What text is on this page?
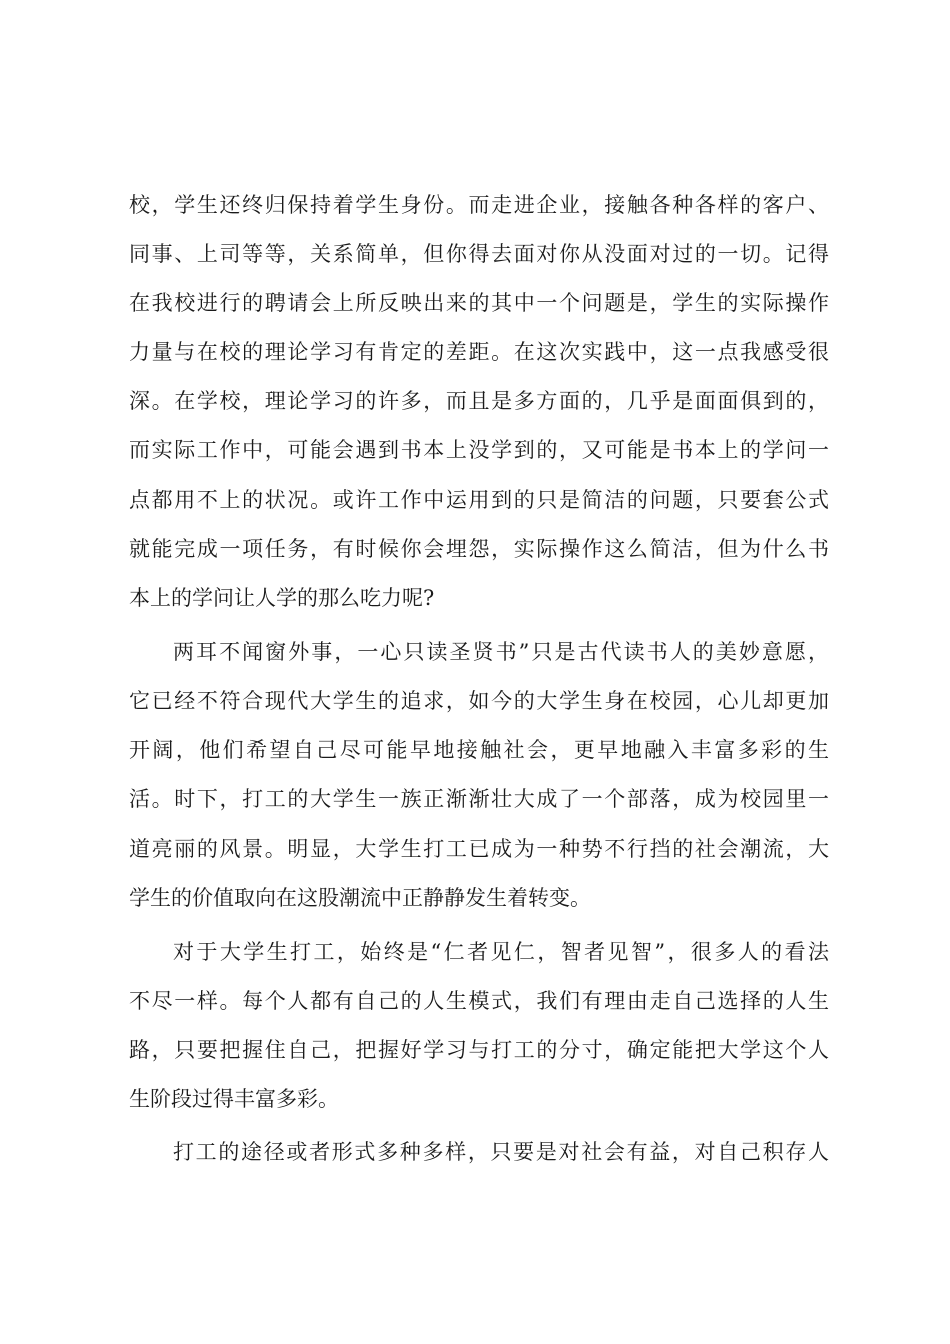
校，学生还终归保持着学生身份。而走进企业，接触各种各样的客户、
同事、上司等等，关系简单，但你得去面对你从没面对过的一切。记得
在我校进行的聘请会上所反映出来的其中一个问题是，学生的实际操作
力量与在校的理论学习有肯定的差距。在这次实践中，这一点我感受很
深。在学校，理论学习的许多，而且是多方面的，几乎是面面俱到的，
而实际工作中，可能会遇到书本上没学到的，又可能是书本上的学问一
点都用不上的状况。或许工作中运用到的只是简洁的问题，只要套公式
就能完成一项任务，有时候你会埋怨，实际操作这么简洁，但为什么书
本上的学问让人学的那么吃力呢?
两耳不闻窗外事，一心只读圣贤书”只是古代读书人的美妙意愿，
它已经不符合现代大学生的追求，如今的大学生身在校园，心儿却更加
开阔，他们希望自己尽可能早地接触社会，更早地融入丰富多彩的生
活。时下，打工的大学生一族正渐渐壮大成了一个部落，成为校园里一
道亮丽的风景。明显，大学生打工已成为一种势不行挡的社会潮流，大
学生的价值取向在这股潮流中正静静发生着转变。
对于大学生打工，始终是“仁者见仁，智者见智”，很多人的看法
不尽一样。每个人都有自己的人生模式，我们有理由走自己选择的人生
路，只要把握住自己，把握好学习与打工的分寸，确定能把大学这个人
生阶段过得丰富多彩。
打工的途径或者形式多种多样，只要是对社会有益，对自己积存人
